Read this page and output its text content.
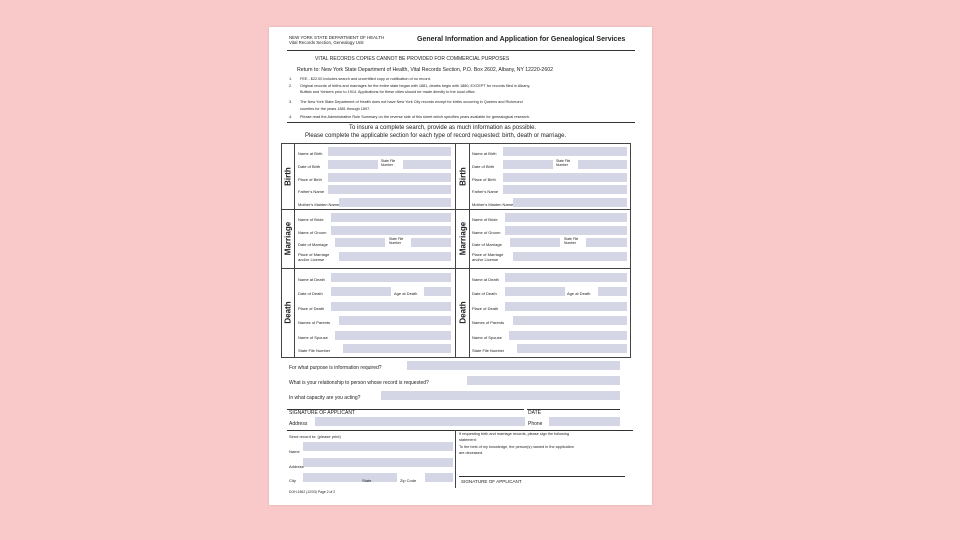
NEW YORK STATE DEPARTMENT OF HEALTH
Vital Records Section, Genealogy Unit	General Information and Application for Genealogical Services
VITAL RECORDS COPIES CANNOT BE PROVIDED FOR COMMERCIAL PURPOSES
Return to: New York State Department of Health, Vital Records Section, P.O. Box 2602, Albany, NY 12220-2602
1. FEE - $22.00 includes search and uncertified copy or notification of no record.
2. Original records of births and marriages for the entire state began with 1881, deaths begin with 1880, EXCEPT for records filed in Albany,
Buffalo and Yonkers prior to 1914. Applications for these cities should be made directly to the local office.
3. The New York State Department of Health does not have New York City records except for births occurring in Queens and Richmond
counties for the years 1881 through 1897.
4. Please read the Administrative Rule Summary on the reverse side of this sheet which specifies years available for genealogical research.
To insure a complete search, provide as much information as possible.
Please complete the applicable section for each type of record requested: birth, death or marriage.
Birth	Birth
Marriage	Marriage
Death	Death
Name at Birth
Date of Birth
State File Number
Place of Birth
Father's Name
Mother's Maiden Name
Name of Bride
Name of Groom
Date of Marriage
State File Number
Place of Marriage
and/or License
Name at Death
Date of Death	Age at Death
Place of Death
Names of Parents
Name of Spouse
State File Number
Name at Birth
Date of Birth
State File Number
Place of Birth
Father's Name
Mother's Maiden Name
Name of Bride
Name of Groom
Date of Marriage
State File Number
Place of Marriage
and/or License
Name at Death
Date of Death	Age at Death
Place of Death
Names of Parents
Name of Spouse
State File Number
For what purpose is information required?
What is your relationship to person whose record is requested?
In what capacity are you acting?
SIGNATURE OF APPLICANT	DATE
Address	Phone
Send record to: (please print)
Name
Address
City	State	Zip Code
If requesting birth and marriage records, please sign the following
statement:
To the best of my knowledge, the person(s) named in the application
are deceased.
SIGNATURE OF APPLICANT
DOH-1562 (12/03) Page 2 of 2
